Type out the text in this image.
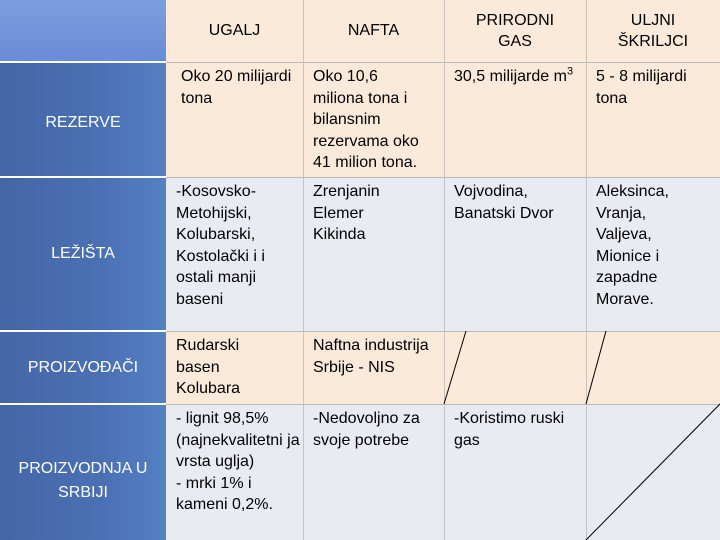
REZERVE
LEŽIŠTA
PROIZVOĐAČI
PROIZVODNJA U SRBIJI
UGALJ	NAFTA
PRIRODNI GAS
ULJNI ŠKRILJCI
Oko 20 milijardi tona
Oko 10,6 miliona tona i bilansnim rezervama oko 41 milion tona.
30,5 milijarde $m^3$	5 - 8 milijardi tona
-Kosovsko-Metohijski, Kolubarski, Kostolački i i ostali manji baseni
Zrenjanin Elemer Kikinda
Vojvodina, Banatski Dvor
Aleksinca, Vranja, Valjeva, Mionice i zapadne Morave.
Rudarski basen Kolubara
Naftna industrija Srbije - NIS
- lignit 98,5% (najnekvalitetni ja vrsta uglja)
- mrki 1% i kameni 0,2%.
-Nedovoljno za svoje potrebe
-Koristimo ruski gas
